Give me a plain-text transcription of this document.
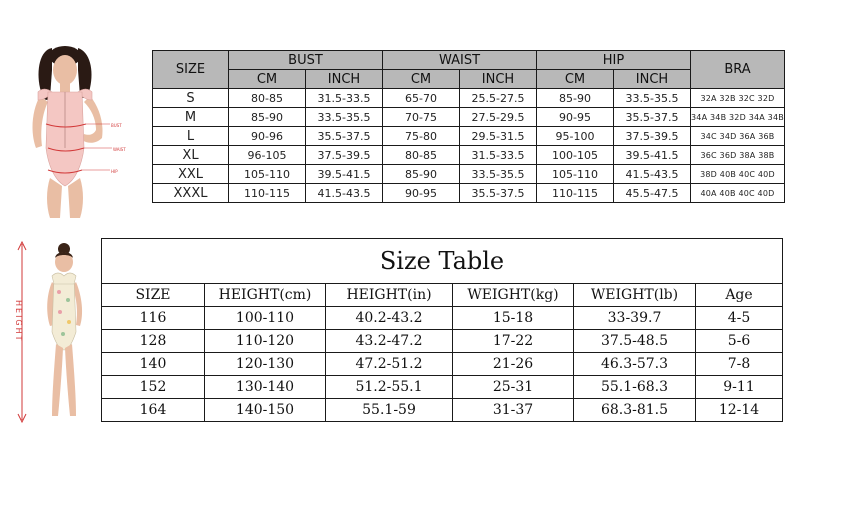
BUST
WAIST
HIP
SIZE	BUST		WAIST		HIP		BRA
	CM	INCH	CM	INCH	CM	INCH	
S	80-85	31.5-33.5	65-70	25.5-27.5	85-90	33.5-35.5	32A 32B 32C 32D
M	85-90	33.5-35.5	70-75	27.5-29.5	90-95	35.5-37.5	34A 34B 32D 34A 34B
L	90-96	35.5-37.5	75-80	29.5-31.5	95-100	37.5-39.5	34C 34D 36A 36B
XL	96-105	37.5-39.5	80-85	31.5-33.5	100-105	39.5-41.5	36C 36D 38A 38B
XXL	105-110	39.5-41.5	85-90	33.5-35.5	105-110	41.5-43.5	38D 40B 40C 40D
XXXL	110-115	41.5-43.5	90-95	35.5-37.5	110-115	45.5-47.5	40A 40B 40C 40D
HEIGHT
Size Table					
SIZE	HEIGHT(cm)	HEIGHT(in)	WEIGHT(kg)	WEIGHT(lb)	Age
116	100-110	40.2-43.2	15-18	33-39.7	4-5
128	110-120	43.2-47.2	17-22	37.5-48.5	5-6
140	120-130	47.2-51.2	21-26	46.3-57.3	7-8
152	130-140	51.2-55.1	25-31	55.1-68.3	9-11
164	140-150	55.1-59	31-37	68.3-81.5	12-14
